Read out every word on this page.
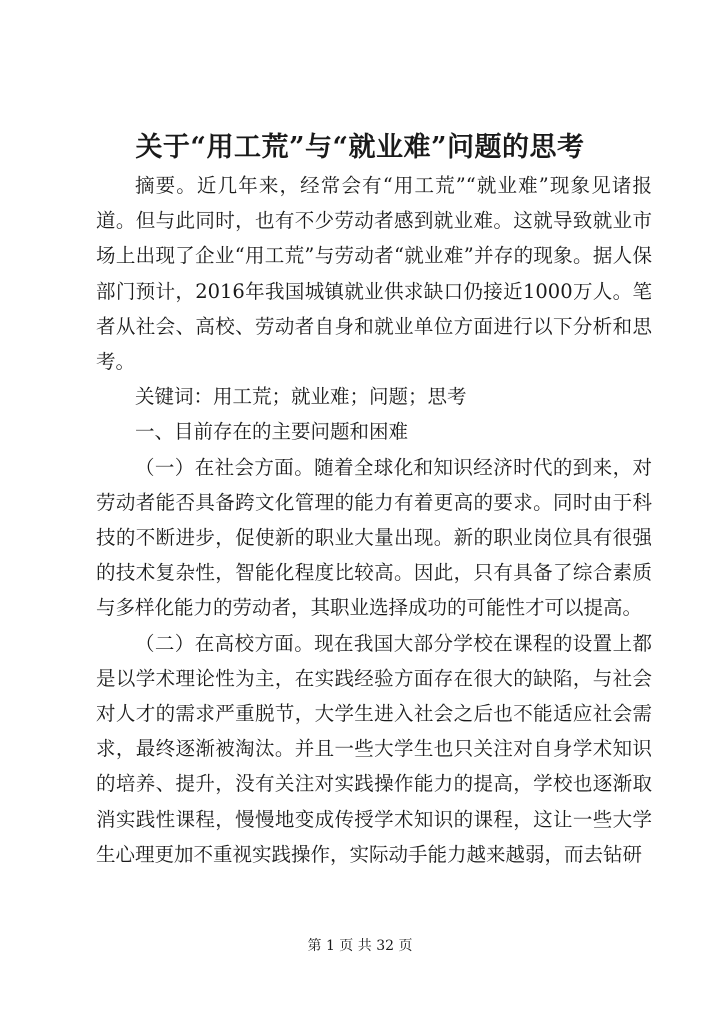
关于“用工荒”与“就业难”问题的思考

摘要。近几年来，经常会有“用工荒”“就业难”现象见诸报道。但与此同时，也有不少劳动者感到就业难。这就导致就业市场上出现了企业“用工荒”与劳动者“就业难”并存的现象。据人保部门预计，2016年我国城镇就业供求缺口仍接近1000万人。笔者从社会、高校、劳动者自身和就业单位方面进行以下分析和思考。

关键词：用工荒；就业难；问题；思考

一、目前存在的主要问题和困难

（一）在社会方面。随着全球化和知识经济时代的到来，对劳动者能否具备跨文化管理的能力有着更高的要求。同时由于科技的不断进步，促使新的职业大量出现。新的职业岗位具有很强的技术复杂性，智能化程度比较高。因此，只有具备了综合素质与多样化能力的劳动者，其职业选择成功的可能性才可以提高。

（二）在高校方面。现在我国大部分学校在课程的设置上都是以学术理论性为主，在实践经验方面存在很大的缺陷，与社会对人才的需求严重脱节，大学生进入社会之后也不能适应社会需求，最终逐渐被淘汰。并且一些大学生也只关注对自身学术知识的培养、提升，没有关注对实践操作能力的提高，学校也逐渐取消实践性课程，慢慢地变成传授学术知识的课程，这让一些大学生心理更加不重视实践操作，实际动手能力越来越弱，而去钻研

第 1 页 共 32 页
